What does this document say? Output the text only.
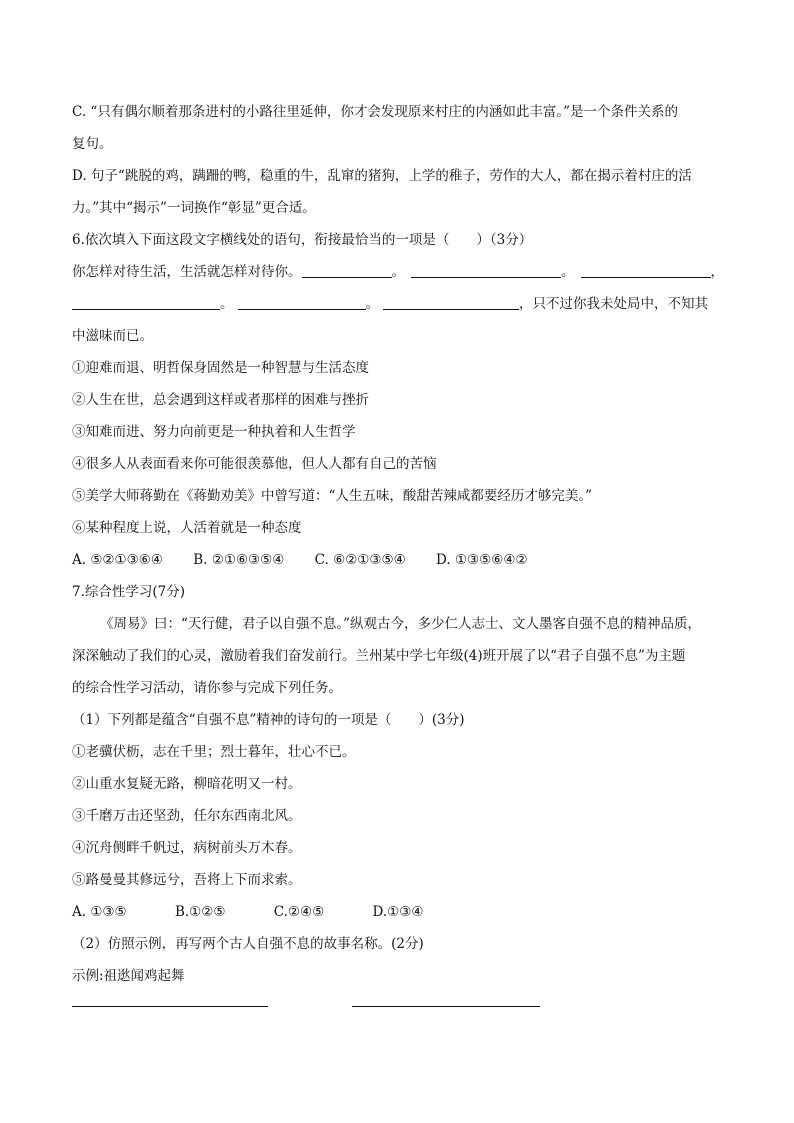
C. “只有偶尔顺着那条进村的小路往里延伸，你才会发现原来村庄的内涵如此丰富。”是一个条件关系的
复句。
D. 句子“跳脱的鸡，蹒跚的鸭，稳重的牛，乱窜的猪狗，上学的稚子，劳作的大人，都在揭示着村庄的活
力。”其中“揭示”一词换作“彰显”更合适。
6.依次填入下面这段文字横线处的语句，衔接最恰当的一项是（　　）（3分）
你怎样对待生活，生活就怎样对待你。	。	。	，
。	。	，只不过你我未处局中，不知其
中滋味而已。
①迎难而退、明哲保身固然是一种智慧与生活态度
②人生在世，总会遇到这样或者那样的困难与挫折
③知难而进、努力向前更是一种执着和人生哲学
④很多人从表面看来你可能很羡慕他，但人人都有自己的苦恼
⑤美学大师蒋勤在《蒋勤劝美》中曾写道：“人生五味，酸甜苦辣咸都要经历才够完美。”
⑥某种程度上说，人活着就是一种态度
A. ⑤②①③⑥④ B. ②①⑥③⑤④ C. ⑥②①③⑤④ D. ①③⑤⑥④②
7.综合性学习(7分)
《周易》曰：“天行健，君子以自强不息。”纵观古今，多少仁人志士、文人墨客自强不息的精神品质，
深深触动了我们的心灵，激励着我们奋发前行。兰州某中学七年级(4)班开展了以“君子自强不息”为主题
的综合性学习活动，请你参与完成下列任务。
（1）下列都是蕴含“自强不息”精神的诗句的一项是（　　）(3分)
①老骥伏枥，志在千里；烈士暮年，壮心不已。
②山重水复疑无路，柳暗花明又一村。
③千磨万击还坚劲，任尔东西南北风。
④沉舟侧畔千帆过，病树前头万木春。
⑤路曼曼其修远兮，吾将上下而求索。
A. ①③⑤	B.①②⑤	C.②④⑤	D.①③④
（2）仿照示例，再写两个古人自强不息的故事名称。(2分)
示例:祖逖闻鸡起舞
